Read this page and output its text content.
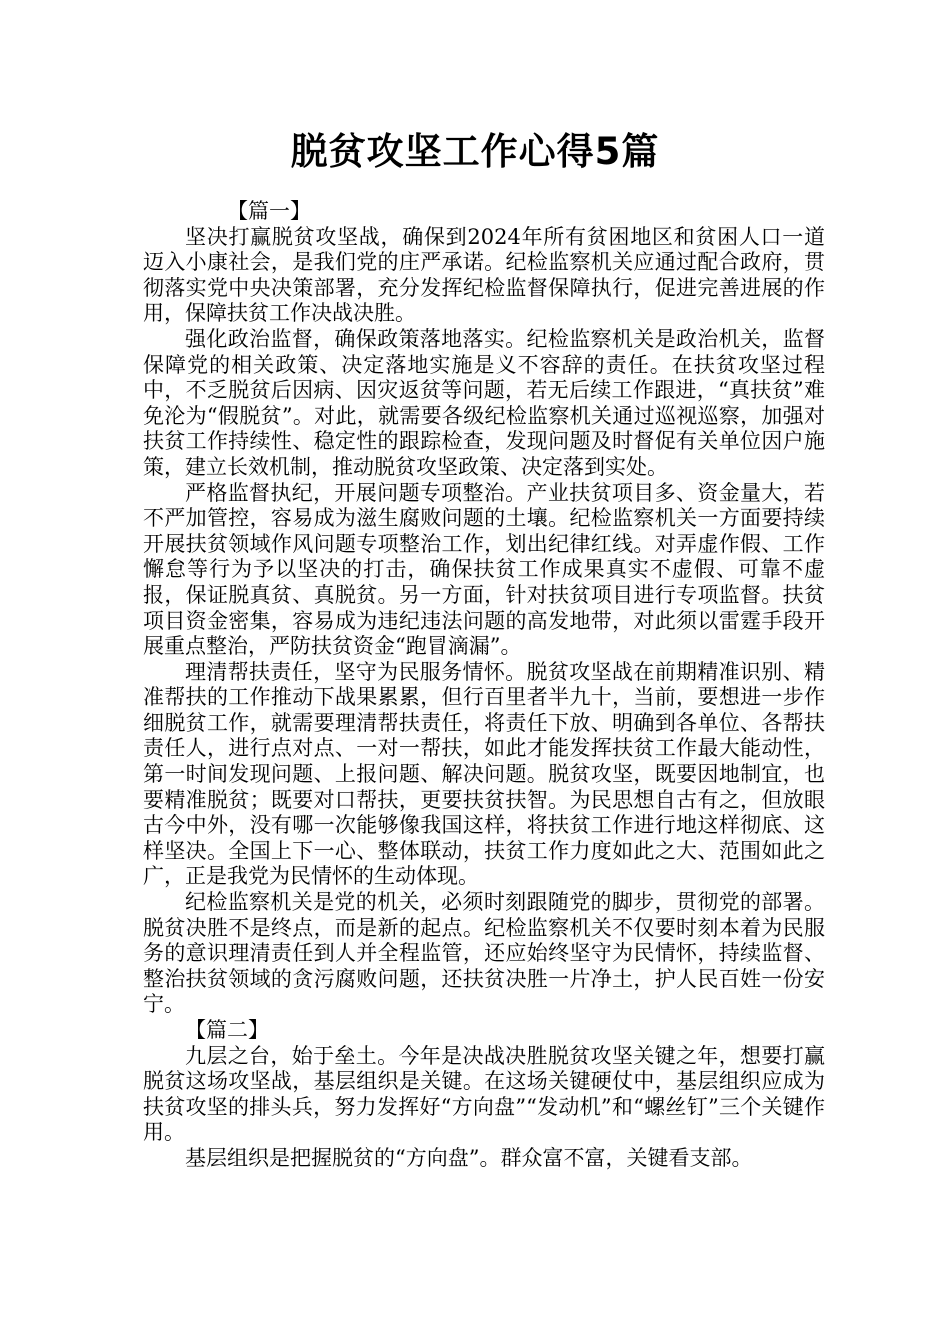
脱贫攻坚工作心得5篇

【篇一】

坚决打赢脱贫攻坚战，确保到2024年所有贫困地区和贫困人口一道迈入小康社会，是我们党的庄严承诺。纪检监察机关应通过配合政府，贯彻落实党中央决策部署，充分发挥纪检监督保障执行，促进完善进展的作用，保障扶贫工作决战决胜。

强化政治监督，确保政策落地落实。纪检监察机关是政治机关，监督保障党的相关政策、决定落地实施是义不容辞的责任。在扶贫攻坚过程中，不乏脱贫后因病、因灾返贫等问题，若无后续工作跟进，“真扶贫”难免沦为“假脱贫”。对此，就需要各级纪检监察机关通过巡视巡察，加强对扶贫工作持续性、稳定性的跟踪检查，发现问题及时督促有关单位因户施策，建立长效机制，推动脱贫攻坚政策、决定落到实处。

严格监督执纪，开展问题专项整治。产业扶贫项目多、资金量大，若不严加管控，容易成为滋生腐败问题的土壤。纪检监察机关一方面要持续开展扶贫领域作风问题专项整治工作，划出纪律红线。对弄虚作假、工作懈怠等行为予以坚决的打击，确保扶贫工作成果真实不虚假、可靠不虚报，保证脱真贫、真脱贫。另一方面，针对扶贫项目进行专项监督。扶贫项目资金密集，容易成为违纪违法问题的高发地带，对此须以雷霆手段开展重点整治，严防扶贫资金“跑冒滴漏”。

理清帮扶责任，坚守为民服务情怀。脱贫攻坚战在前期精准识别、精准帮扶的工作推动下战果累累，但行百里者半九十，当前，要想进一步作细脱贫工作，就需要理清帮扶责任，将责任下放、明确到各单位、各帮扶责任人，进行点对点、一对一帮扶，如此才能发挥扶贫工作最大能动性，第一时间发现问题、上报问题、解决问题。脱贫攻坚，既要因地制宜，也要精准脱贫；既要对口帮扶，更要扶贫扶智。为民思想自古有之，但放眼古今中外，没有哪一次能够像我国这样，将扶贫工作进行地这样彻底、这样坚决。全国上下一心、整体联动，扶贫工作力度如此之大、范围如此之广，正是我党为民情怀的生动体现。

纪检监察机关是党的机关，必须时刻跟随党的脚步，贯彻党的部署。脱贫决胜不是终点，而是新的起点。纪检监察机关不仅要时刻本着为民服务的意识理清责任到人并全程监管，还应始终坚守为民情怀，持续监督、整治扶贫领域的贪污腐败问题，还扶贫决胜一片净土，护人民百姓一份安宁。

【篇二】

九层之台，始于垒土。今年是决战决胜脱贫攻坚关键之年，想要打赢脱贫这场攻坚战，基层组织是关键。在这场关键硬仗中，基层组织应成为扶贫攻坚的排头兵，努力发挥好“方向盘”“发动机”和“螺丝钉”三个关键作用。

基层组织是把握脱贫的“方向盘”。群众富不富，关键看支部。
